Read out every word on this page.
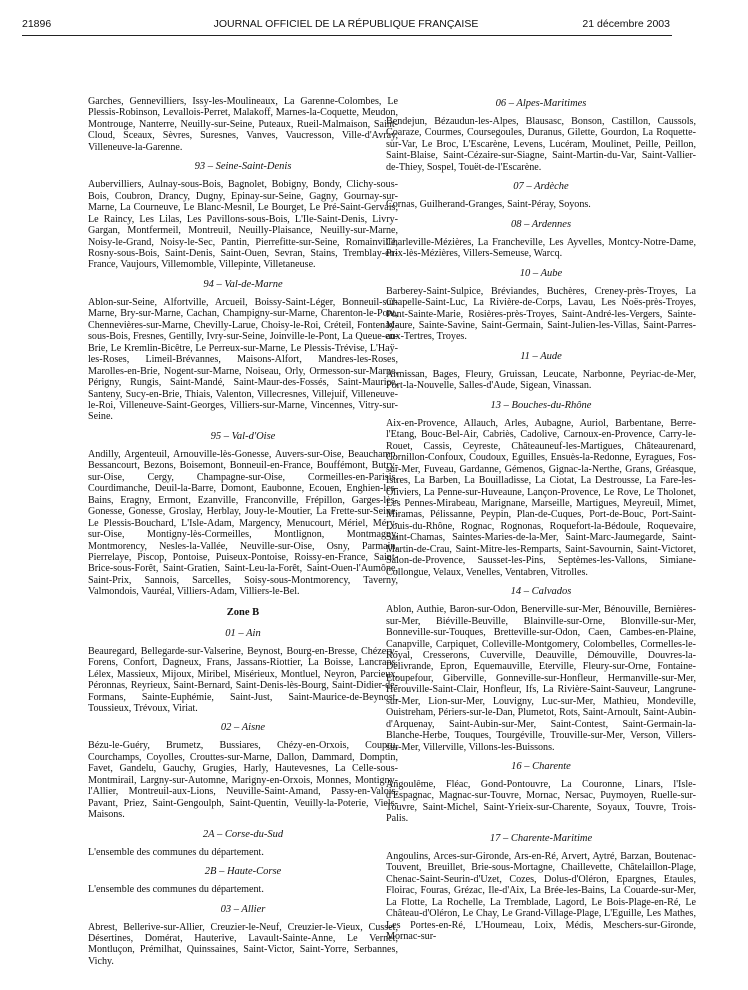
21896	JOURNAL OFFICIEL DE LA RÉPUBLIQUE FRANÇAISE	21 décembre 2003

Garches, Gennevilliers, Issy-les-Moulineaux, La Garenne-Colombes, Le Plessis-Robinson, Levallois-Perret, Malakoff, Marnes-la-Coquette, Meudon, Montrouge, Nanterre, Neuilly-sur-Seine, Puteaux, Rueil-Malmaison, Saint-Cloud, Sceaux, Sèvres, Suresnes, Vanves, Vaucresson, Ville-d'Avray, Villeneuve-la-Garenne.

93 – Seine-Saint-Denis

Aubervilliers, Aulnay-sous-Bois, Bagnolet, Bobigny, Bondy, Clichy-sous-Bois, Coubron, Drancy, Dugny, Epinay-sur-Seine, Gagny, Gournay-sur-Marne, La Courneuve, Le Blanc-Mesnil, Le Bourget, Le Pré-Saint-Gervais, Le Raincy, Les Lilas, Les Pavillons-sous-Bois, L'Ile-Saint-Denis, Livry-Gargan, Montfermeil, Montreuil, Neuilly-Plaisance, Neuilly-sur-Marne, Noisy-le-Grand, Noisy-le-Sec, Pantin, Pierrefitte-sur-Seine, Romainville, Rosny-sous-Bois, Saint-Denis, Saint-Ouen, Sevran, Stains, Tremblay-en-France, Vaujours, Villemomble, Villepinte, Villetaneuse.

94 – Val-de-Marne

Ablon-sur-Seine, Alfortville, Arcueil, Boissy-Saint-Léger, Bonneuil-sur-Marne, Bry-sur-Marne, Cachan, Champigny-sur-Marne, Charenton-le-Pont, Chennevières-sur-Marne, Chevilly-Larue, Choisy-le-Roi, Créteil, Fontenay-sous-Bois, Fresnes, Gentilly, Ivry-sur-Seine, Joinville-le-Pont, La Queue-en-Brie, Le Kremlin-Bicêtre, Le Perreux-sur-Marne, Le Plessis-Trévise, L'Haÿ-les-Roses, Limeil-Brévannes, Maisons-Alfort, Mandres-les-Roses, Marolles-en-Brie, Nogent-sur-Marne, Noiseau, Orly, Ormesson-sur-Marne, Périgny, Rungis, Saint-Mandé, Saint-Maur-des-Fossés, Saint-Maurice, Santeny, Sucy-en-Brie, Thiais, Valenton, Villecresnes, Villejuif, Villeneuve-le-Roi, Villeneuve-Saint-Georges, Villiers-sur-Marne, Vincennes, Vitry-sur-Seine.

95 – Val-d'Oise

Andilly, Argenteuil, Arnouville-lès-Gonesse, Auvers-sur-Oise, Beauchamp, Bessancourt, Bezons, Boisemont, Bonneuil-en-France, Bouffémont, Butry-sur-Oise, Cergy, Champagne-sur-Oise, Cormeilles-en-Parisis, Courdimanche, Deuil-la-Barre, Domont, Eaubonne, Ecouen, Enghien-les-Bains, Eragny, Ermont, Ezanville, Franconville, Frépillon, Garges-lès-Gonesse, Gonesse, Groslay, Herblay, Jouy-le-Moutier, La Frette-sur-Seine, Le Plessis-Bouchard, L'Isle-Adam, Margency, Menucourt, Mériel, Méry-sur-Oise, Montigny-lès-Cormeilles, Montlignon, Montmagny, Montmorency, Nesles-la-Vallée, Neuville-sur-Oise, Osny, Parmain, Pierrelaye, Piscop, Pontoise, Puiseux-Pontoise, Roissy-en-France, Saint-Brice-sous-Forêt, Saint-Gratien, Saint-Leu-la-Forêt, Saint-Ouen-l'Aumône, Saint-Prix, Sannois, Sarcelles, Soisy-sous-Montmorency, Taverny, Valmondois, Vauréal, Villiers-Adam, Villiers-le-Bel.

Zone B
01 – Ain

Beauregard, Bellegarde-sur-Valserine, Beynost, Bourg-en-Bresse, Chézery-Forens, Confort, Dagneux, Frans, Jassans-Riottier, La Boisse, Lancrans, Lélex, Massieux, Mijoux, Miribel, Misérieux, Montluel, Neyron, Parcieux, Péronnas, Reyrieux, Saint-Bernard, Saint-Denis-lès-Bourg, Saint-Didier-de-Formans, Sainte-Euphémie, Saint-Just, Saint-Maurice-de-Beynost, Toussieux, Trévoux, Viriat.

02 – Aisne

Bézu-le-Guéry, Brumetz, Bussiares, Chézy-en-Orxois, Coupru, Courchamps, Coyolles, Crouttes-sur-Marne, Dallon, Dammard, Domptin, Favet, Gandelu, Gauchy, Grugies, Harly, Hautevesnes, La Celle-sous-Montmirail, Largny-sur-Automne, Marigny-en-Orxois, Monnes, Montigny-l'Allier, Montreuil-aux-Lions, Neuville-Saint-Amand, Passy-en-Valois, Pavant, Priez, Saint-Gengoulph, Saint-Quentin, Veuilly-la-Poterie, Viels-Maisons.

2A – Corse-du-Sud

L'ensemble des communes du département.

2B – Haute-Corse

L'ensemble des communes du département.

03 – Allier

Abrest, Bellerive-sur-Allier, Creuzier-le-Neuf, Creuzier-le-Vieux, Cusset, Désertines, Domérat, Hauterive, Lavault-Sainte-Anne, Le Vernet, Montluçon, Prémilhat, Quinssaines, Saint-Victor, Saint-Yorre, Serbannes, Vichy.

06 – Alpes-Maritimes

Bendejun, Bézaudun-les-Alpes, Blausasc, Bonson, Castillon, Caussols, Coaraze, Courmes, Coursegoules, Duranus, Gilette, Gourdon, La Roquette-sur-Var, Le Broc, L'Escarène, Levens, Lucéram, Moulinet, Peille, Peillon, Saint-Blaise, Saint-Cézaire-sur-Siagne, Saint-Martin-du-Var, Saint-Vallier-de-Thiey, Sospel, Touët-de-l'Escarène.

07 – Ardèche

Cornas, Guilherand-Granges, Saint-Péray, Soyons.

08 – Ardennes

Charleville-Mézières, La Francheville, Les Ayvelles, Montcy-Notre-Dame, Prix-lès-Mézières, Villers-Semeuse, Warcq.

10 – Aube

Barberey-Saint-Sulpice, Bréviandes, Buchères, Creney-près-Troyes, La Chapelle-Saint-Luc, La Rivière-de-Corps, Lavau, Les Noës-près-Troyes, Pont-Sainte-Marie, Rosières-près-Troyes, Saint-André-les-Vergers, Sainte-Maure, Sainte-Savine, Saint-Germain, Saint-Julien-les-Villas, Saint-Parres-aux-Tertres, Troyes.

11 – Aude

Armissan, Bages, Fleury, Gruissan, Leucate, Narbonne, Peyriac-de-Mer, Port-la-Nouvelle, Salles-d'Aude, Sigean, Vinassan.

13 – Bouches-du-Rhône

Aix-en-Provence, Allauch, Arles, Aubagne, Auriol, Barbentane, Berre-l'Etang, Bouc-Bel-Air, Cabriès, Cadolive, Carnoux-en-Provence, Carry-le-Rouet, Cassis, Ceyreste, Châteauneuf-les-Martigues, Châteaurenard, Cornillon-Confoux, Coudoux, Eguilles, Ensuès-la-Redonne, Eyragues, Fos-sur-Mer, Fuveau, Gardanne, Gémenos, Gignac-la-Nerthe, Grans, Gréasque, Istres, La Barben, La Bouilladisse, La Ciotat, La Destrousse, La Fare-les-Oliviers, La Penne-sur-Huveaune, Lançon-Provence, Le Rove, Le Tholonet, Les Pennes-Mirabeau, Marignane, Marseille, Martigues, Meyreuil, Mimet, Miramas, Pélissanne, Peypin, Plan-de-Cuques, Port-de-Bouc, Port-Saint-Louis-du-Rhône, Rognac, Rognonas, Roquefort-la-Bédoule, Roquevaire, Saint-Chamas, Saintes-Maries-de-la-Mer, Saint-Marc-Jaumegarde, Saint-Martin-de-Crau, Saint-Mitre-les-Remparts, Saint-Savournin, Saint-Victoret, Salon-de-Provence, Sausset-les-Pins, Septèmes-les-Vallons, Simiane-Collongue, Velaux, Venelles, Ventabren, Vitrolles.

14 – Calvados

Ablon, Authie, Baron-sur-Odon, Benerville-sur-Mer, Bénouville, Bernières-sur-Mer, Biéville-Beuville, Blainville-sur-Orne, Blonville-sur-Mer, Bonneville-sur-Touques, Bretteville-sur-Odon, Caen, Cambes-en-Plaine, Canapville, Carpiquet, Colleville-Montgomery, Colombelles, Cormelles-le-Royal, Cresserons, Cuverville, Deauville, Démouville, Douvres-la-Délivrande, Epron, Equemauville, Eterville, Fleury-sur-Orne, Fontaine-Etoupefour, Giberville, Gonneville-sur-Honfleur, Hermanville-sur-Mer, Hérouville-Saint-Clair, Honfleur, Ifs, La Rivière-Saint-Sauveur, Langrune-sur-Mer, Lion-sur-Mer, Louvigny, Luc-sur-Mer, Mathieu, Mondeville, Ouistreham, Périers-sur-le-Dan, Plumetot, Rots, Saint-Arnoult, Saint-Aubin-d'Arquenay, Saint-Aubin-sur-Mer, Saint-Contest, Saint-Germain-la-Blanche-Herbe, Touques, Tourgéville, Trouville-sur-Mer, Verson, Villers-sur-Mer, Villerville, Villons-les-Buissons.

16 – Charente

Angoulême, Fléac, Gond-Pontouvre, La Couronne, Linars, l'Isle-d'Espagnac, Magnac-sur-Touvre, Mornac, Nersac, Puymoyen, Ruelle-sur-Touvre, Saint-Michel, Saint-Yrieix-sur-Charente, Soyaux, Touvre, Trois-Palis.

17 – Charente-Maritime

Angoulins, Arces-sur-Gironde, Ars-en-Ré, Arvert, Aytré, Barzan, Boutenac-Touvent, Breuillet, Brie-sous-Mortagne, Chaillevette, Châtelaillon-Plage, Chenac-Saint-Seurin-d'Uzet, Cozes, Dolus-d'Oléron, Epargnes, Etaules, Floirac, Fouras, Grézac, Ile-d'Aix, La Brée-les-Bains, La Couarde-sur-Mer, La Flotte, La Rochelle, La Tremblade, Lagord, Le Bois-Plage-en-Ré, Le Château-d'Oléron, Le Chay, Le Grand-Village-Plage, L'Eguille, Les Mathes, Les Portes-en-Ré, L'Houmeau, Loix, Médis, Meschers-sur-Gironde, Mornac-sur-
